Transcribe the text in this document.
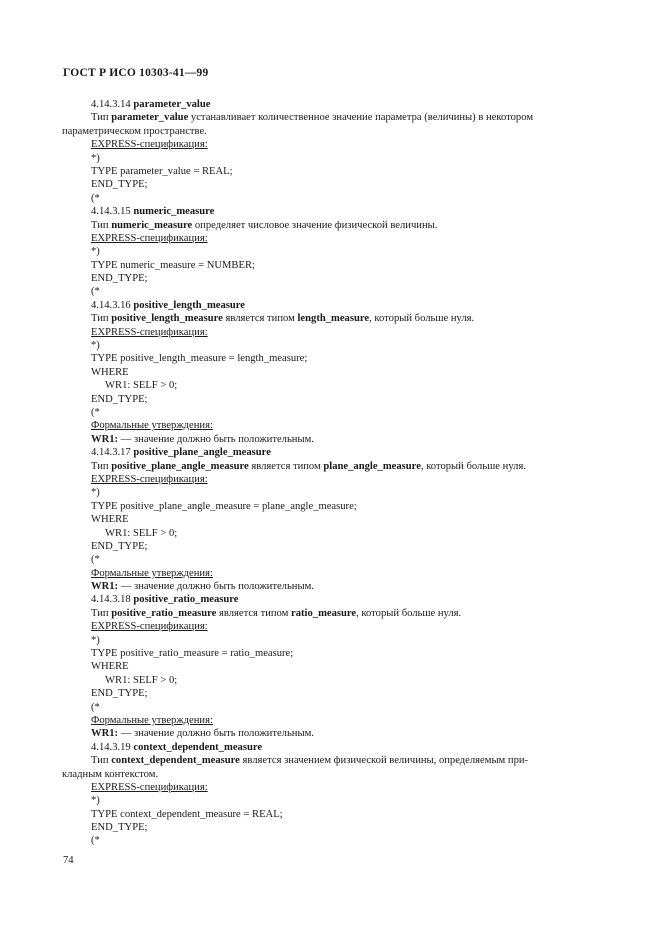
ГОСТ Р ИСО 10303-41—99
4.14.3.14 parameter_value
Тип parameter_value устанавливает количественное значение параметра (величины) в некотором
параметрическом пространстве.
EXPRESS-спецификация:
*)
TYPE parameter_value = REAL;
END_TYPE;
(*
4.14.3.15 numeric_measure
Тип numeric_measure определяет числовое значение физической величины.
EXPRESS-спецификация:
*)
TYPE numeric_measure = NUMBER;
END_TYPE;
(*
4.14.3.16 positive_length_measure
Тип positive_length_measure является типом length_measure, который больше нуля.
EXPRESS-спецификация:
*)
TYPE positive_length_measure = length_measure;
WHERE
WR1: SELF > 0;
END_TYPE;
(*
Формальные утверждения:
WR1: — значение должно быть положительным.
4.14.3.17 positive_plane_angle_measure
Тип positive_plane_angle_measure является типом plane_angle_measure, который больше нуля.
EXPRESS-спецификация:
*)
TYPE positive_plane_angle_measure = plane_angle_measure;
WHERE
WR1: SELF > 0;
END_TYPE;
(*
Формальные утверждения:
WR1: — значение должно быть положительным.
4.14.3.18 positive_ratio_measure
Тип positive_ratio_measure является типом ratio_measure, который больше нуля.
EXPRESS-спецификация:
*)
TYPE positive_ratio_measure = ratio_measure;
WHERE
WR1: SELF > 0;
END_TYPE;
(*
Формальные утверждения:
WR1: — значение должно быть положительным.
4.14.3.19 context_dependent_measure
Тип context_dependent_measure является значением физической величины, определяемым при-
кладным контекстом.
EXPRESS-спецификация:
*)
TYPE context_dependent_measure = REAL;
END_TYPE;
(*
74
